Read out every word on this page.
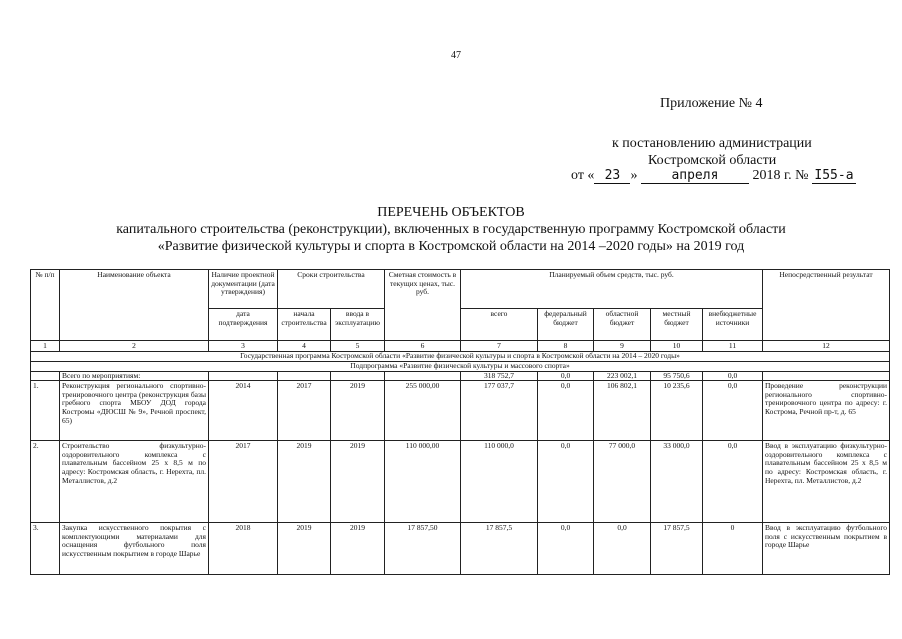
47
Приложение № 4
к постановлению администрации
Костромской области
от « 23 »	апреля 2018 г. № I55-а
ПЕРЕЧЕНЬ ОБЪЕКТОВ
капитального строительства (реконструкции), включенных в государственную программу Костромской области
«Развитие физической культуры и спорта в Костромской области на 2014 –2020 годы» на 2019 год
№ п/п	Наименование объекта	Наличие проектной документации (дата утверждения)	Сроки строительства		Сметная стоимость в текущих ценах, тыс. руб.	Планируемый объем средств, тыс. руб.					Непосредственный результат
		дата подтверждения	начала строительства	ввода в эксплуатацию		всего	федеральный бюджет	областной бюджет	местный бюджет	внебюджетные источники	
1	2	3	4	5	6	7	8	9	10	11	12
Государственная программа Костромской области «Развитие физической культуры и спорта в Костромской области на 2014 – 2020 годы»											
Подпрограмма «Развитие физической культуры и массового спорта»											
	Всего по мероприятиям:					318 752,7	0,0	223 002,1	95 750,6	0,0	
1.	Реконструкция регионального спортивно-тренировочного центра (реконструкция базы гребного спорта МБОУ ДОД города Костромы «ДЮСШ № 9», Речной проспект, 65)	2014	2017	2019	255 000,00	177 037,7	0,0	106 802,1	10 235,6	0,0	Проведение реконструкции регионального спортивно-тренировочного центра по адресу: г. Кострома, Речной пр-т, д. 65
2.	Строительство физкультурно-оздоровительного комплекса с плавательным бассейном 25 х 8,5 м по адресу: Костромская область, г. Нерехта, пл. Металлистов, д.2	2017	2019	2019	110 000,00	110 000,0	0,0	77 000,0	33 000,0	0,0	Ввод в эксплуатацию физкультурно-оздоровительного комплекса с плавательным бассейном 25 х 8,5 м по адресу: Костромская область, г. Нерехта, пл. Металлистов, д.2
3.	Закупка искусственного покрытия с комплектующими материалами для оснащения футбольного поля искусственным покрытием в городе Шарье	2018	2019	2019	17 857,50	17 857,5	0,0	0,0	17 857,5	0	Ввод в эксплуатацию футбольного поля с искусственным покрытием в городе Шарье
